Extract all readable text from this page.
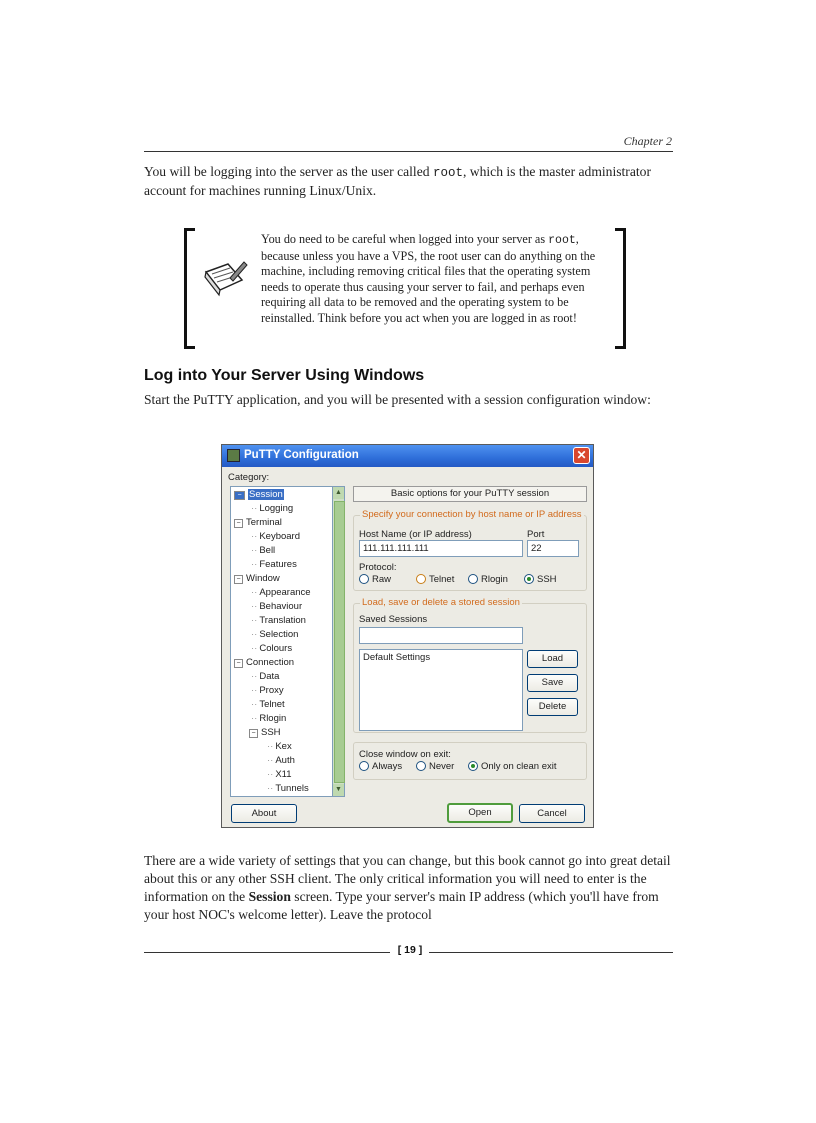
Chapter 2

You will be logging into the server as the user called root, which is the master administrator account for machines running Linux/Unix.

You do need to be careful when logged into your server as root, because unless you have a VPS, the root user can do anything on the machine, including removing critical files that the operating system needs to operate thus causing your server to fail, and perhaps even requiring all data to be removed and the operating system to be reinstalled. Think before you act when you are logged in as root!

Log into Your Server Using Windows

Start the PuTTY application, and you will be presented with a session configuration window:

PuTTY Configuration	✕
Category:
− Session
·· Logging
− Terminal
·· Keyboard
·· Bell
·· Features
− Window
·· Appearance
·· Behaviour
·· Translation
·· Selection
·· Colours
− Connection
·· Data
·· Proxy
·· Telnet
·· Rlogin
− SSH
·· Kex
·· Auth
·· X11
·· Tunnels
▲
▼
Basic options for your PuTTY session
Specify your connection by host name or IP address
Host Name (or IP address)	Port
111.111.111.111	22
Protocol:
Raw	Telnet	Rlogin	SSH
Load, save or delete a stored session
Saved Sessions
Default Settings	Load
Save
Delete
Close window on exit:
Always	Never	Only on clean exit
About	Open	Cancel

There are a wide variety of settings that you can change, but this book cannot go into great detail about this or any other SSH client. The only critical information you will need to enter is the information on the Session screen. Type your server's main IP address (which you'll have from your host NOC's welcome letter). Leave the protocol

[ 19 ]
